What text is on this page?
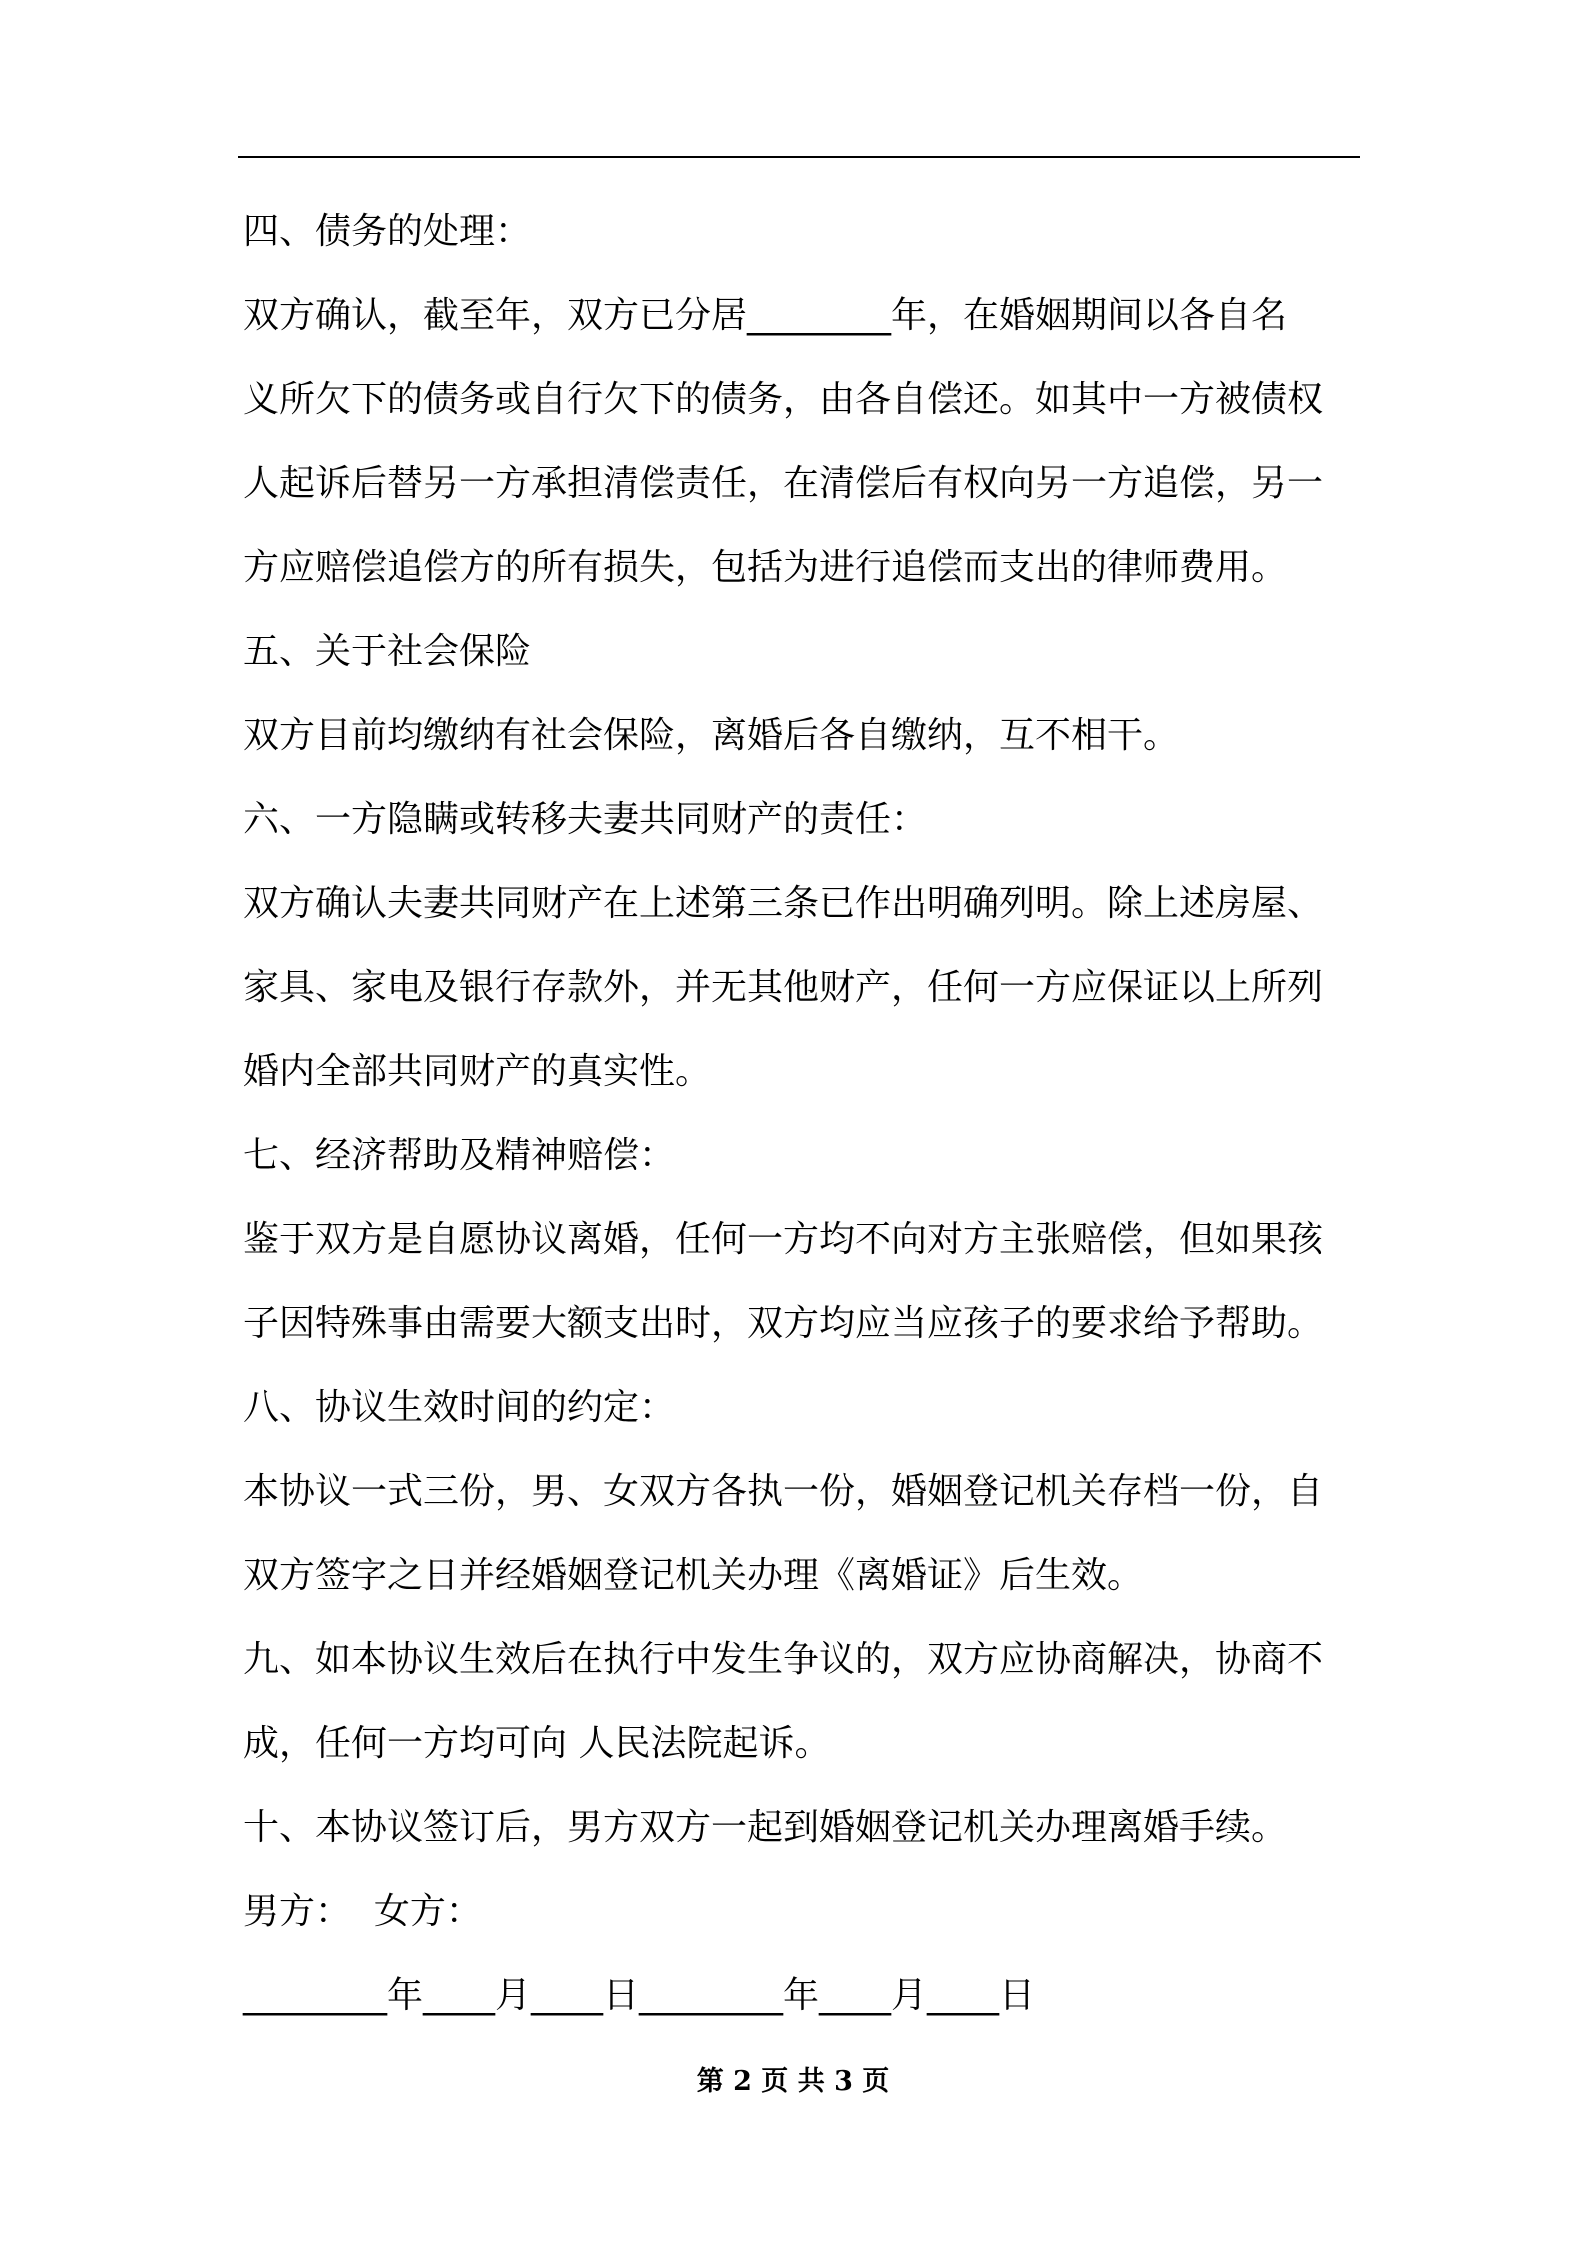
四、债务的处理：
双方确认，截至年，双方已分居________年，在婚姻期间以各自名
义所欠下的债务或自行欠下的债务，由各自偿还。如其中一方被债权
人起诉后替另一方承担清偿责任，在清偿后有权向另一方追偿，另一
方应赔偿追偿方的所有损失，包括为进行追偿而支出的律师费用。
五、关于社会保险
双方目前均缴纳有社会保险，离婚后各自缴纳，互不相干。
六、一方隐瞒或转移夫妻共同财产的责任：
双方确认夫妻共同财产在上述第三条已作出明确列明。除上述房屋、
家具、家电及银行存款外，并无其他财产，任何一方应保证以上所列
婚内全部共同财产的真实性。
七、经济帮助及精神赔偿：
鉴于双方是自愿协议离婚，任何一方均不向对方主张赔偿，但如果孩
子因特殊事由需要大额支出时，双方均应当应孩子的要求给予帮助。
八、协议生效时间的约定：
本协议一式三份，男、女双方各执一份，婚姻登记机关存档一份，自
双方签字之日并经婚姻登记机关办理《离婚证》后生效。
九、如本协议生效后在执行中发生争议的，双方应协商解决，协商不
成，任何一方均可向 人民法院起诉。
十、本协议签订后，男方双方一起到婚姻登记机关办理离婚手续。
男方：  女方：
________年____月____日________年____月____日
第 2 页 共 3 页
